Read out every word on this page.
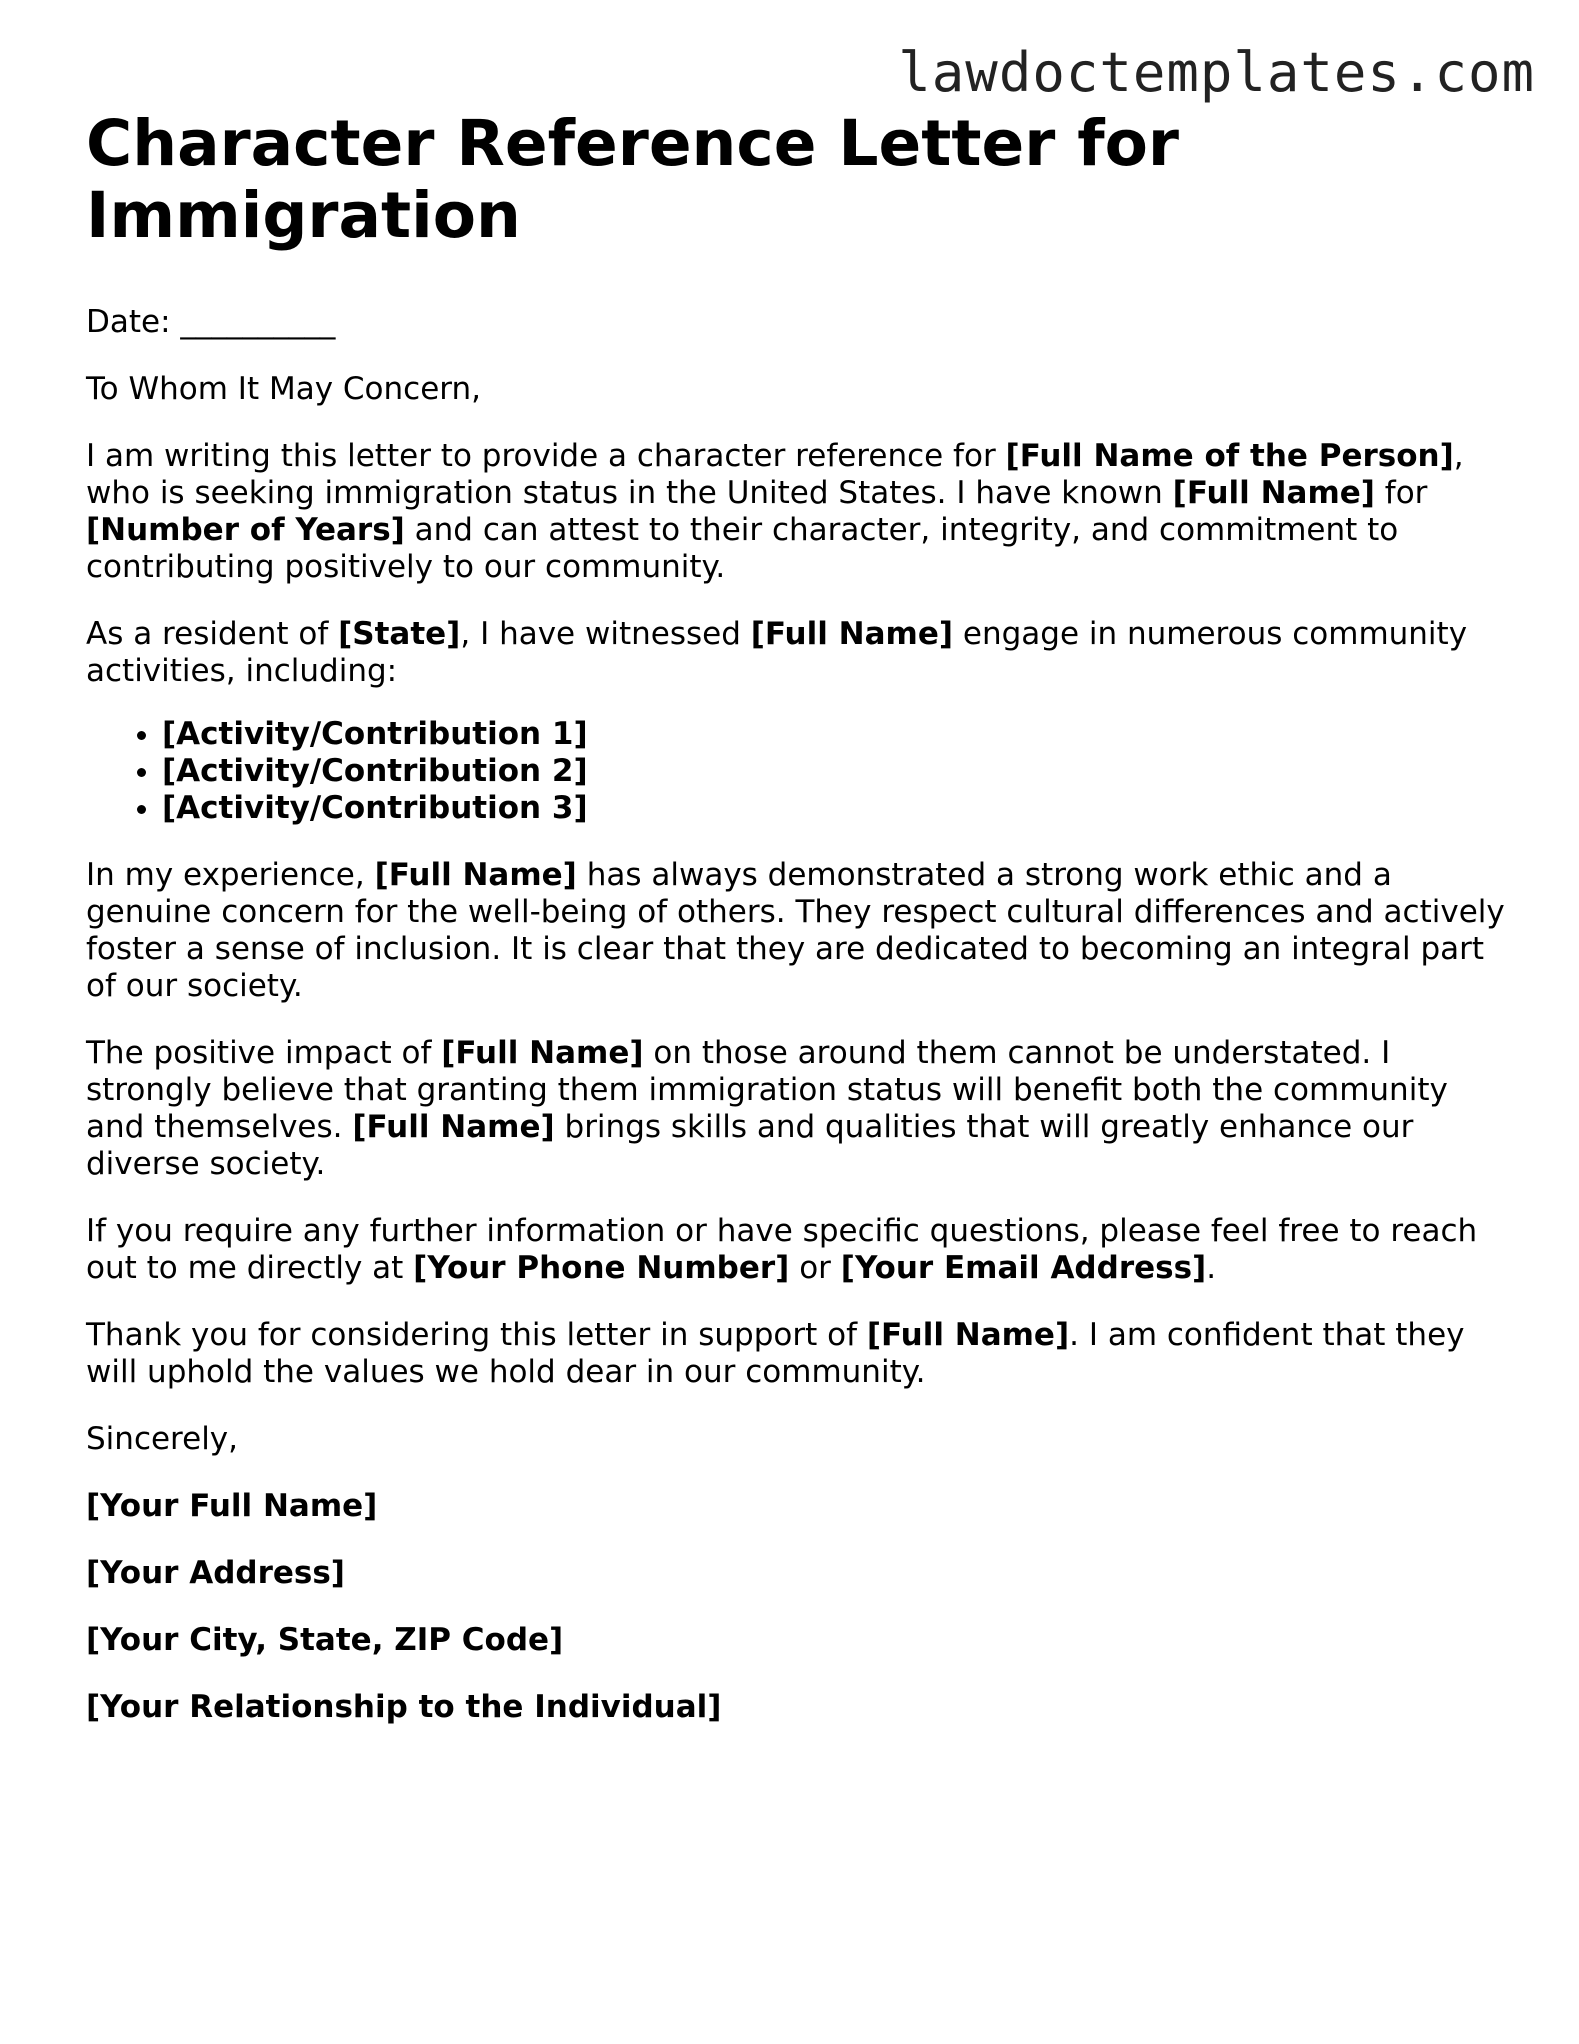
lawdoctemplates.com
Character Reference Letter for Immigration

Date: __________

To Whom It May Concern,

I am writing this letter to provide a character reference for [Full Name of the Person], who is seeking immigration status in the United States. I have known [Full Name] for [Number of Years] and can attest to their character, integrity, and commitment to contributing positively to our community.

As a resident of [State], I have witnessed [Full Name] engage in numerous community activities, including:

• [Activity/Contribution 1]
• [Activity/Contribution 2]
• [Activity/Contribution 3]

In my experience, [Full Name] has always demonstrated a strong work ethic and a genuine concern for the well-being of others. They respect cultural differences and actively foster a sense of inclusion. It is clear that they are dedicated to becoming an integral part of our society.

The positive impact of [Full Name] on those around them cannot be understated. I strongly believe that granting them immigration status will benefit both the community and themselves. [Full Name] brings skills and qualities that will greatly enhance our diverse society.

If you require any further information or have specific questions, please feel free to reach out to me directly at [Your Phone Number] or [Your Email Address].

Thank you for considering this letter in support of [Full Name]. I am confident that they will uphold the values we hold dear in our community.

Sincerely,

[Your Full Name]

[Your Address]

[Your City, State, ZIP Code]

[Your Relationship to the Individual]
